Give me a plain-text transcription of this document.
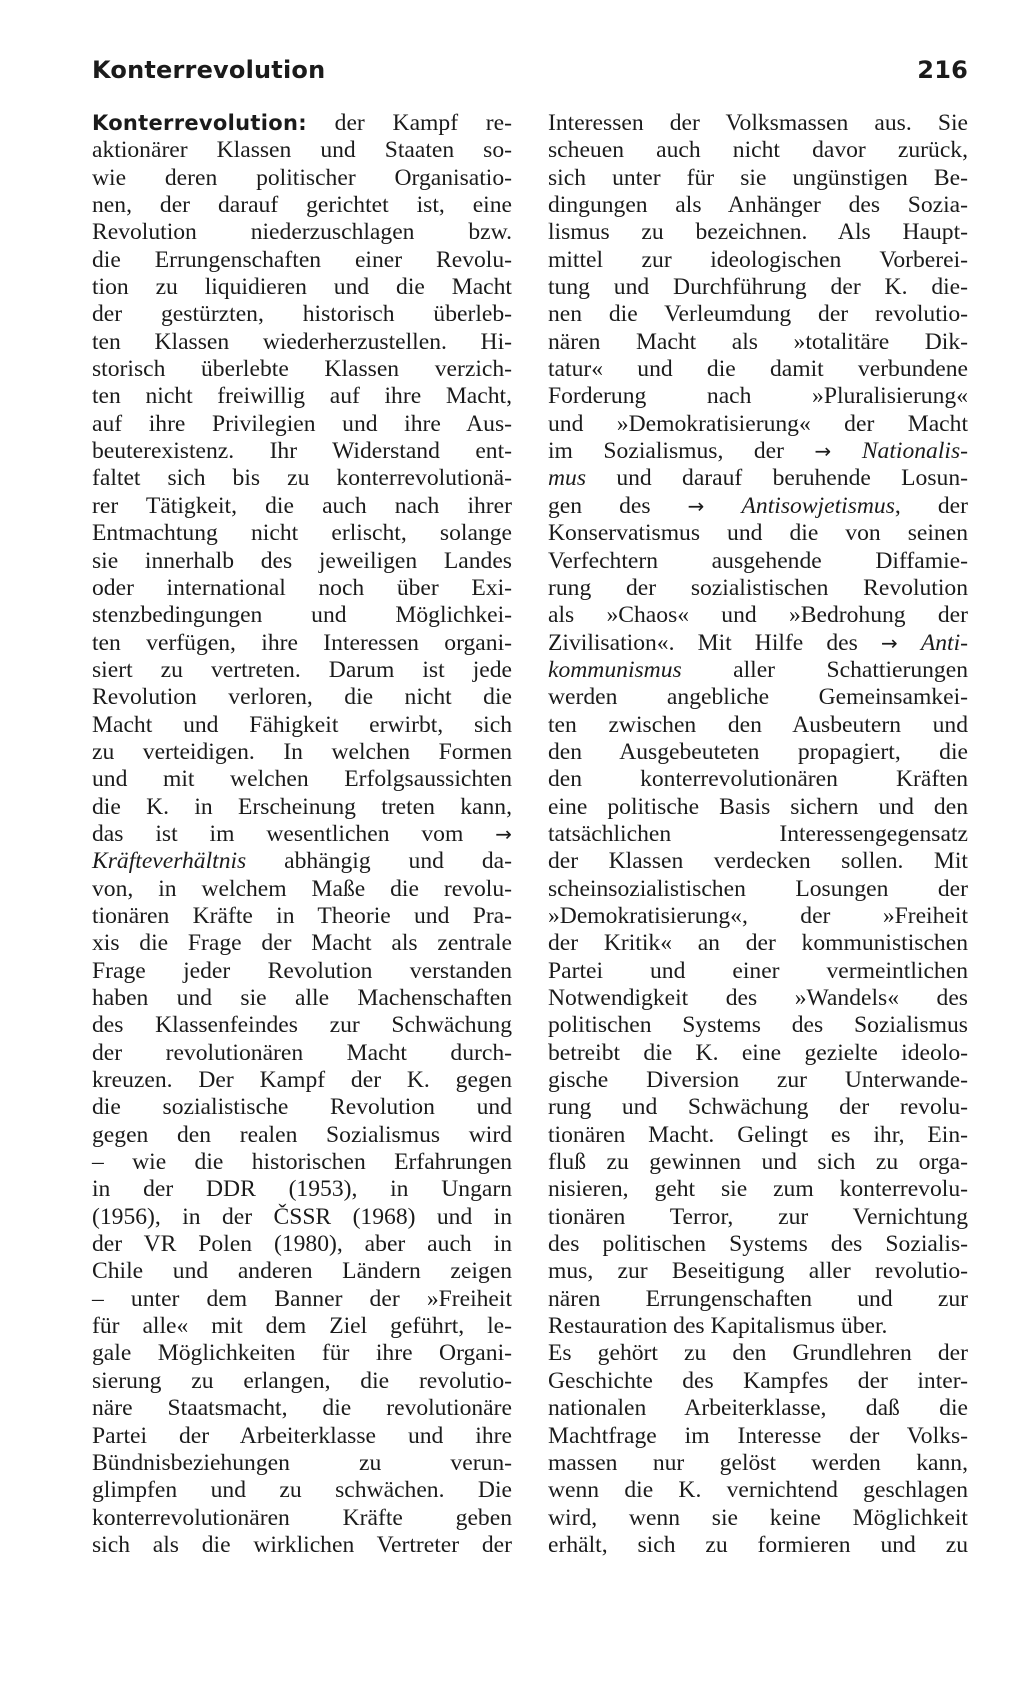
Konterrevolution	216
Konterrevolution: der Kampf re-
aktionärer Klassen und Staaten so-
wie deren politischer Organisatio-
nen, der darauf gerichtet ist, eine
Revolution niederzuschlagen bzw.
die Errungenschaften einer Revolu-
tion zu liquidieren und die Macht
der gestürzten, historisch überleb-
ten Klassen wiederherzustellen. Hi-
storisch überlebte Klassen verzich-
ten nicht freiwillig auf ihre Macht,
auf ihre Privilegien und ihre Aus-
beuterexistenz. Ihr Widerstand ent-
faltet sich bis zu konterrevolutionä-
rer Tätigkeit, die auch nach ihrer
Entmachtung nicht erlischt, solange
sie innerhalb des jeweiligen Landes
oder international noch über Exi-
stenzbedingungen und Möglichkei-
ten verfügen, ihre Interessen organi-
siert zu vertreten. Darum ist jede
Revolution verloren, die nicht die
Macht und Fähigkeit erwirbt, sich
zu verteidigen. In welchen Formen
und mit welchen Erfolgsaussichten
die K. in Erscheinung treten kann,
das ist im wesentlichen vom →
Kräfteverhältnis abhängig und da-
von, in welchem Maße die revolu-
tionären Kräfte in Theorie und Pra-
xis die Frage der Macht als zentrale
Frage jeder Revolution verstanden
haben und sie alle Machenschaften
des Klassenfeindes zur Schwächung
der revolutionären Macht durch-
kreuzen. Der Kampf der K. gegen
die sozialistische Revolution und
gegen den realen Sozialismus wird
– wie die historischen Erfahrungen
in der DDR (1953), in Ungarn
(1956), in der ČSSR (1968) und in
der VR Polen (1980), aber auch in
Chile und anderen Ländern zeigen
– unter dem Banner der »Freiheit
für alle« mit dem Ziel geführt, le-
gale Möglichkeiten für ihre Organi-
sierung zu erlangen, die revolutio-
näre Staatsmacht, die revolutionäre
Partei der Arbeiterklasse und ihre
Bündnisbeziehungen zu verun-
glimpfen und zu schwächen. Die
konterrevolutionären Kräfte geben
sich als die wirklichen Vertreter der
Interessen der Volksmassen aus. Sie
scheuen auch nicht davor zurück,
sich unter für sie ungünstigen Be-
dingungen als Anhänger des Sozia-
lismus zu bezeichnen. Als Haupt-
mittel zur ideologischen Vorberei-
tung und Durchführung der K. die-
nen die Verleumdung der revolutio-
nären Macht als »totalitäre Dik-
tatur« und die damit verbundene
Forderung nach »Pluralisierung«
und »Demokratisierung« der Macht
im Sozialismus, der → Nationalis-
mus und darauf beruhende Losun-
gen des → Antisowjetismus, der
Konservatismus und die von seinen
Verfechtern ausgehende Diffamie-
rung der sozialistischen Revolution
als »Chaos« und »Bedrohung der
Zivilisation«. Mit Hilfe des → Anti-
kommunismus aller Schattierungen
werden angebliche Gemeinsamkei-
ten zwischen den Ausbeutern und
den Ausgebeuteten propagiert, die
den konterrevolutionären Kräften
eine politische Basis sichern und den
tatsächlichen Interessengegensatz
der Klassen verdecken sollen. Mit
scheinsozialistischen Losungen der
»Demokratisierung«, der »Freiheit
der Kritik« an der kommunistischen
Partei und einer vermeintlichen
Notwendigkeit des »Wandels« des
politischen Systems des Sozialismus
betreibt die K. eine gezielte ideolo-
gische Diversion zur Unterwande-
rung und Schwächung der revolu-
tionären Macht. Gelingt es ihr, Ein-
fluß zu gewinnen und sich zu orga-
nisieren, geht sie zum konterrevolu-
tionären Terror, zur Vernichtung
des politischen Systems des Sozialis-
mus, zur Beseitigung aller revolutio-
nären Errungenschaften und zur
Restauration des Kapitalismus über.
Es gehört zu den Grundlehren der
Geschichte des Kampfes der inter-
nationalen Arbeiterklasse, daß die
Machtfrage im Interesse der Volks-
massen nur gelöst werden kann,
wenn die K. vernichtend geschlagen
wird, wenn sie keine Möglichkeit
erhält, sich zu formieren und zu
